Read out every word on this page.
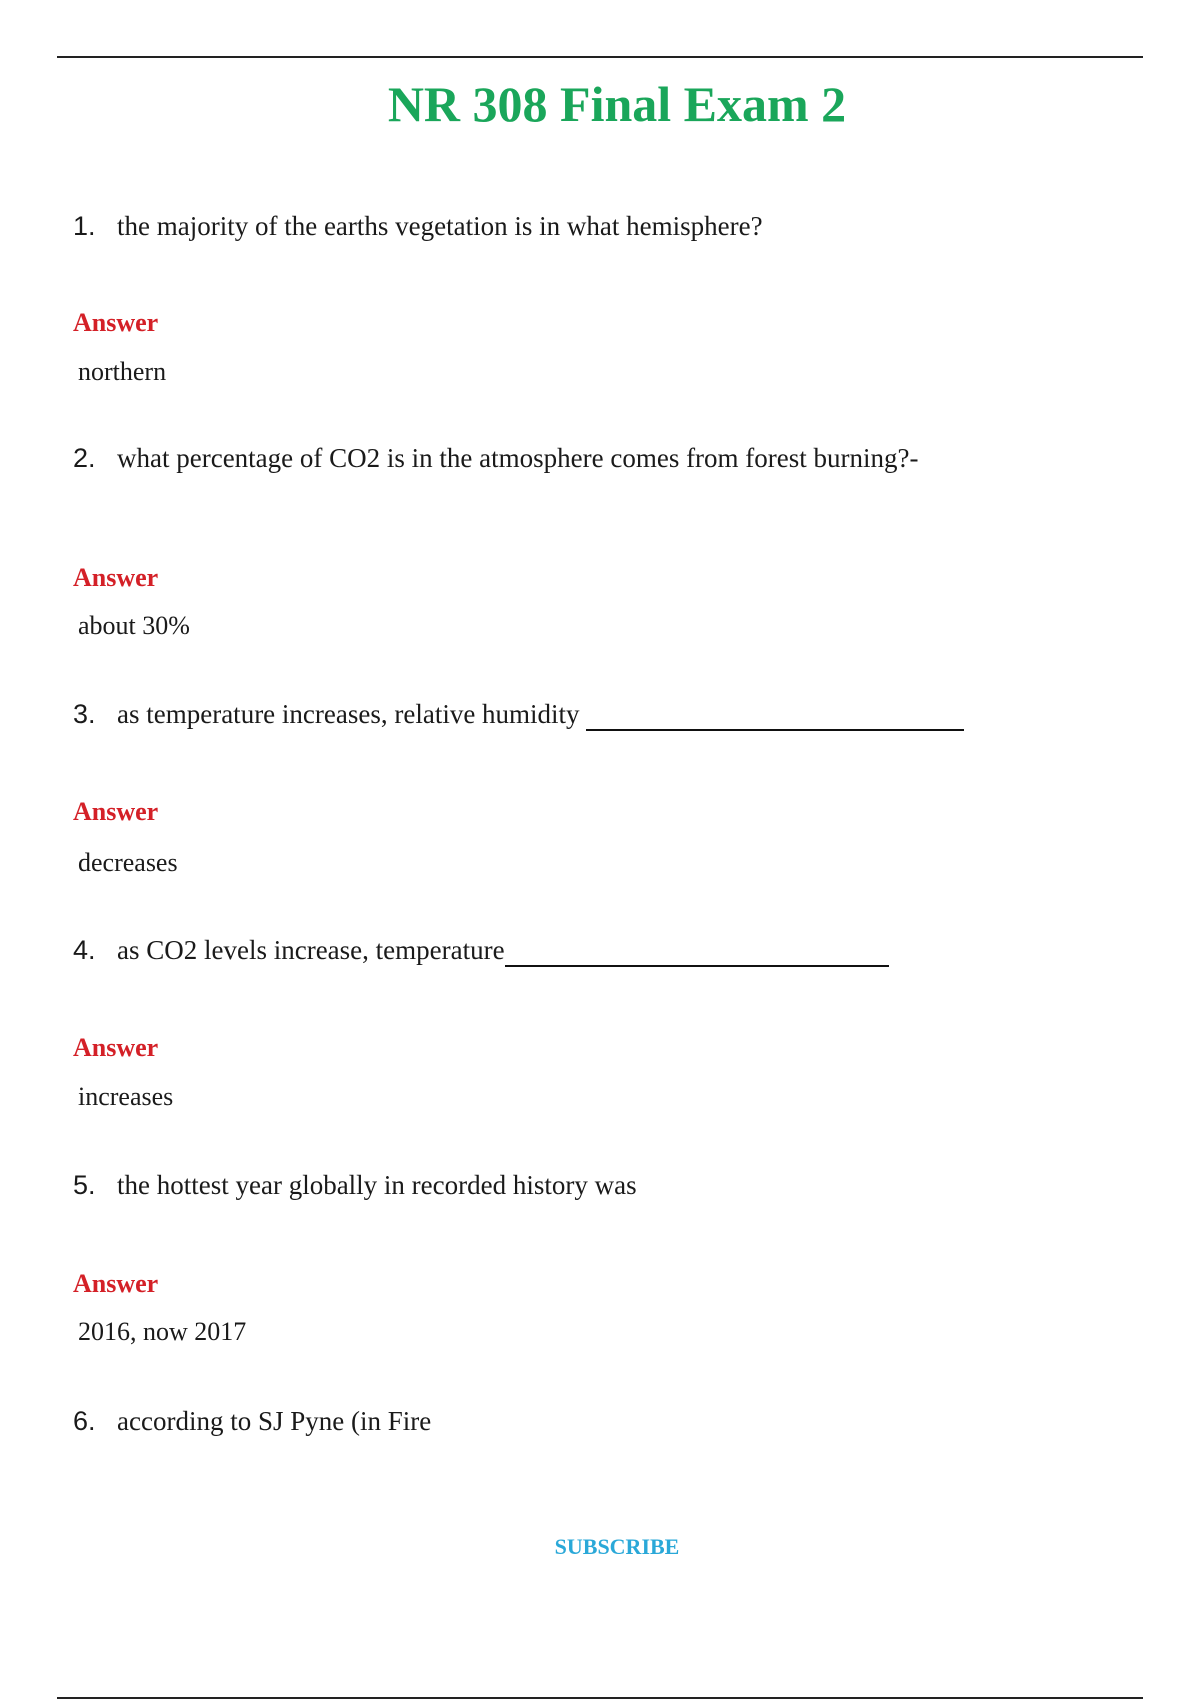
NR 308 Final Exam 2
1. the majority of the earths vegetation is in what hemisphere?
Answer
northern
2. what percentage of CO2 is in the atmosphere comes from forest burning?-
Answer
about 30%
3. as temperature increases, relative humidity
Answer
decreases
4. as CO2 levels increase, temperature
Answer
increases
5. the hottest year globally in recorded history was
Answer
2016, now 2017
6. according to SJ Pyne (in Fire
SUBSCRIBE
